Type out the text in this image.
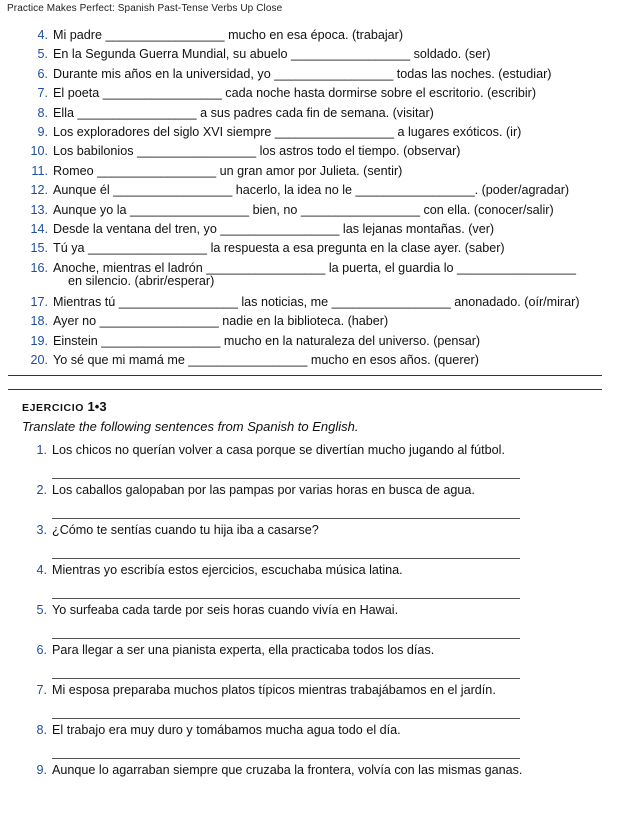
Practice Makes Perfect: Spanish Past-Tense Verbs Up Close
4. Mi padre _________________ mucho en esa época. (trabajar)
5. En la Segunda Guerra Mundial, su abuelo _________________ soldado. (ser)
6. Durante mis años en la universidad, yo _________________ todas las noches. (estudiar)
7. El poeta _________________ cada noche hasta dormirse sobre el escritorio. (escribir)
8. Ella _________________ a sus padres cada fin de semana. (visitar)
9. Los exploradores del siglo XVI siempre _________________ a lugares exóticos. (ir)
10. Los babilonios _________________ los astros todo el tiempo. (observar)
11. Romeo _________________ un gran amor por Julieta. (sentir)
12. Aunque él _________________ hacerlo, la idea no le _________________. (poder/agradar)
13. Aunque yo la _________________ bien, no _________________ con ella. (conocer/salir)
14. Desde la ventana del tren, yo _________________ las lejanas montañas. (ver)
15. Tú ya _________________ la respuesta a esa pregunta en la clase ayer. (saber)
16. Anoche, mientras el ladrón _________________ la puerta, el guardia lo _________________
en silencio. (abrir/esperar)
17. Mientras tú _________________ las noticias, me _________________ anonadado. (oír/mirar)
18. Ayer no _________________ nadie en la biblioteca. (haber)
19. Einstein _________________ mucho en la naturaleza del universo. (pensar)
20. Yo sé que mi mamá me _________________ mucho en esos años. (querer)
EJERCICIO 1•3
Translate the following sentences from Spanish to English.
1. Los chicos no querían volver a casa porque se divertían mucho jugando al fútbol.
2. Los caballos galopaban por las pampas por varias horas en busca de agua.
3. ¿Cómo te sentías cuando tu hija iba a casarse?
4. Mientras yo escribía estos ejercicios, escuchaba música latina.
5. Yo surfeaba cada tarde por seis horas cuando vivía en Hawai.
6. Para llegar a ser una pianista experta, ella practicaba todos los días.
7. Mi esposa preparaba muchos platos típicos mientras trabajábamos en el jardín.
8. El trabajo era muy duro y tomábamos mucha agua todo el día.
9. Aunque lo agarraban siempre que cruzaba la frontera, volvía con las mismas ganas.
